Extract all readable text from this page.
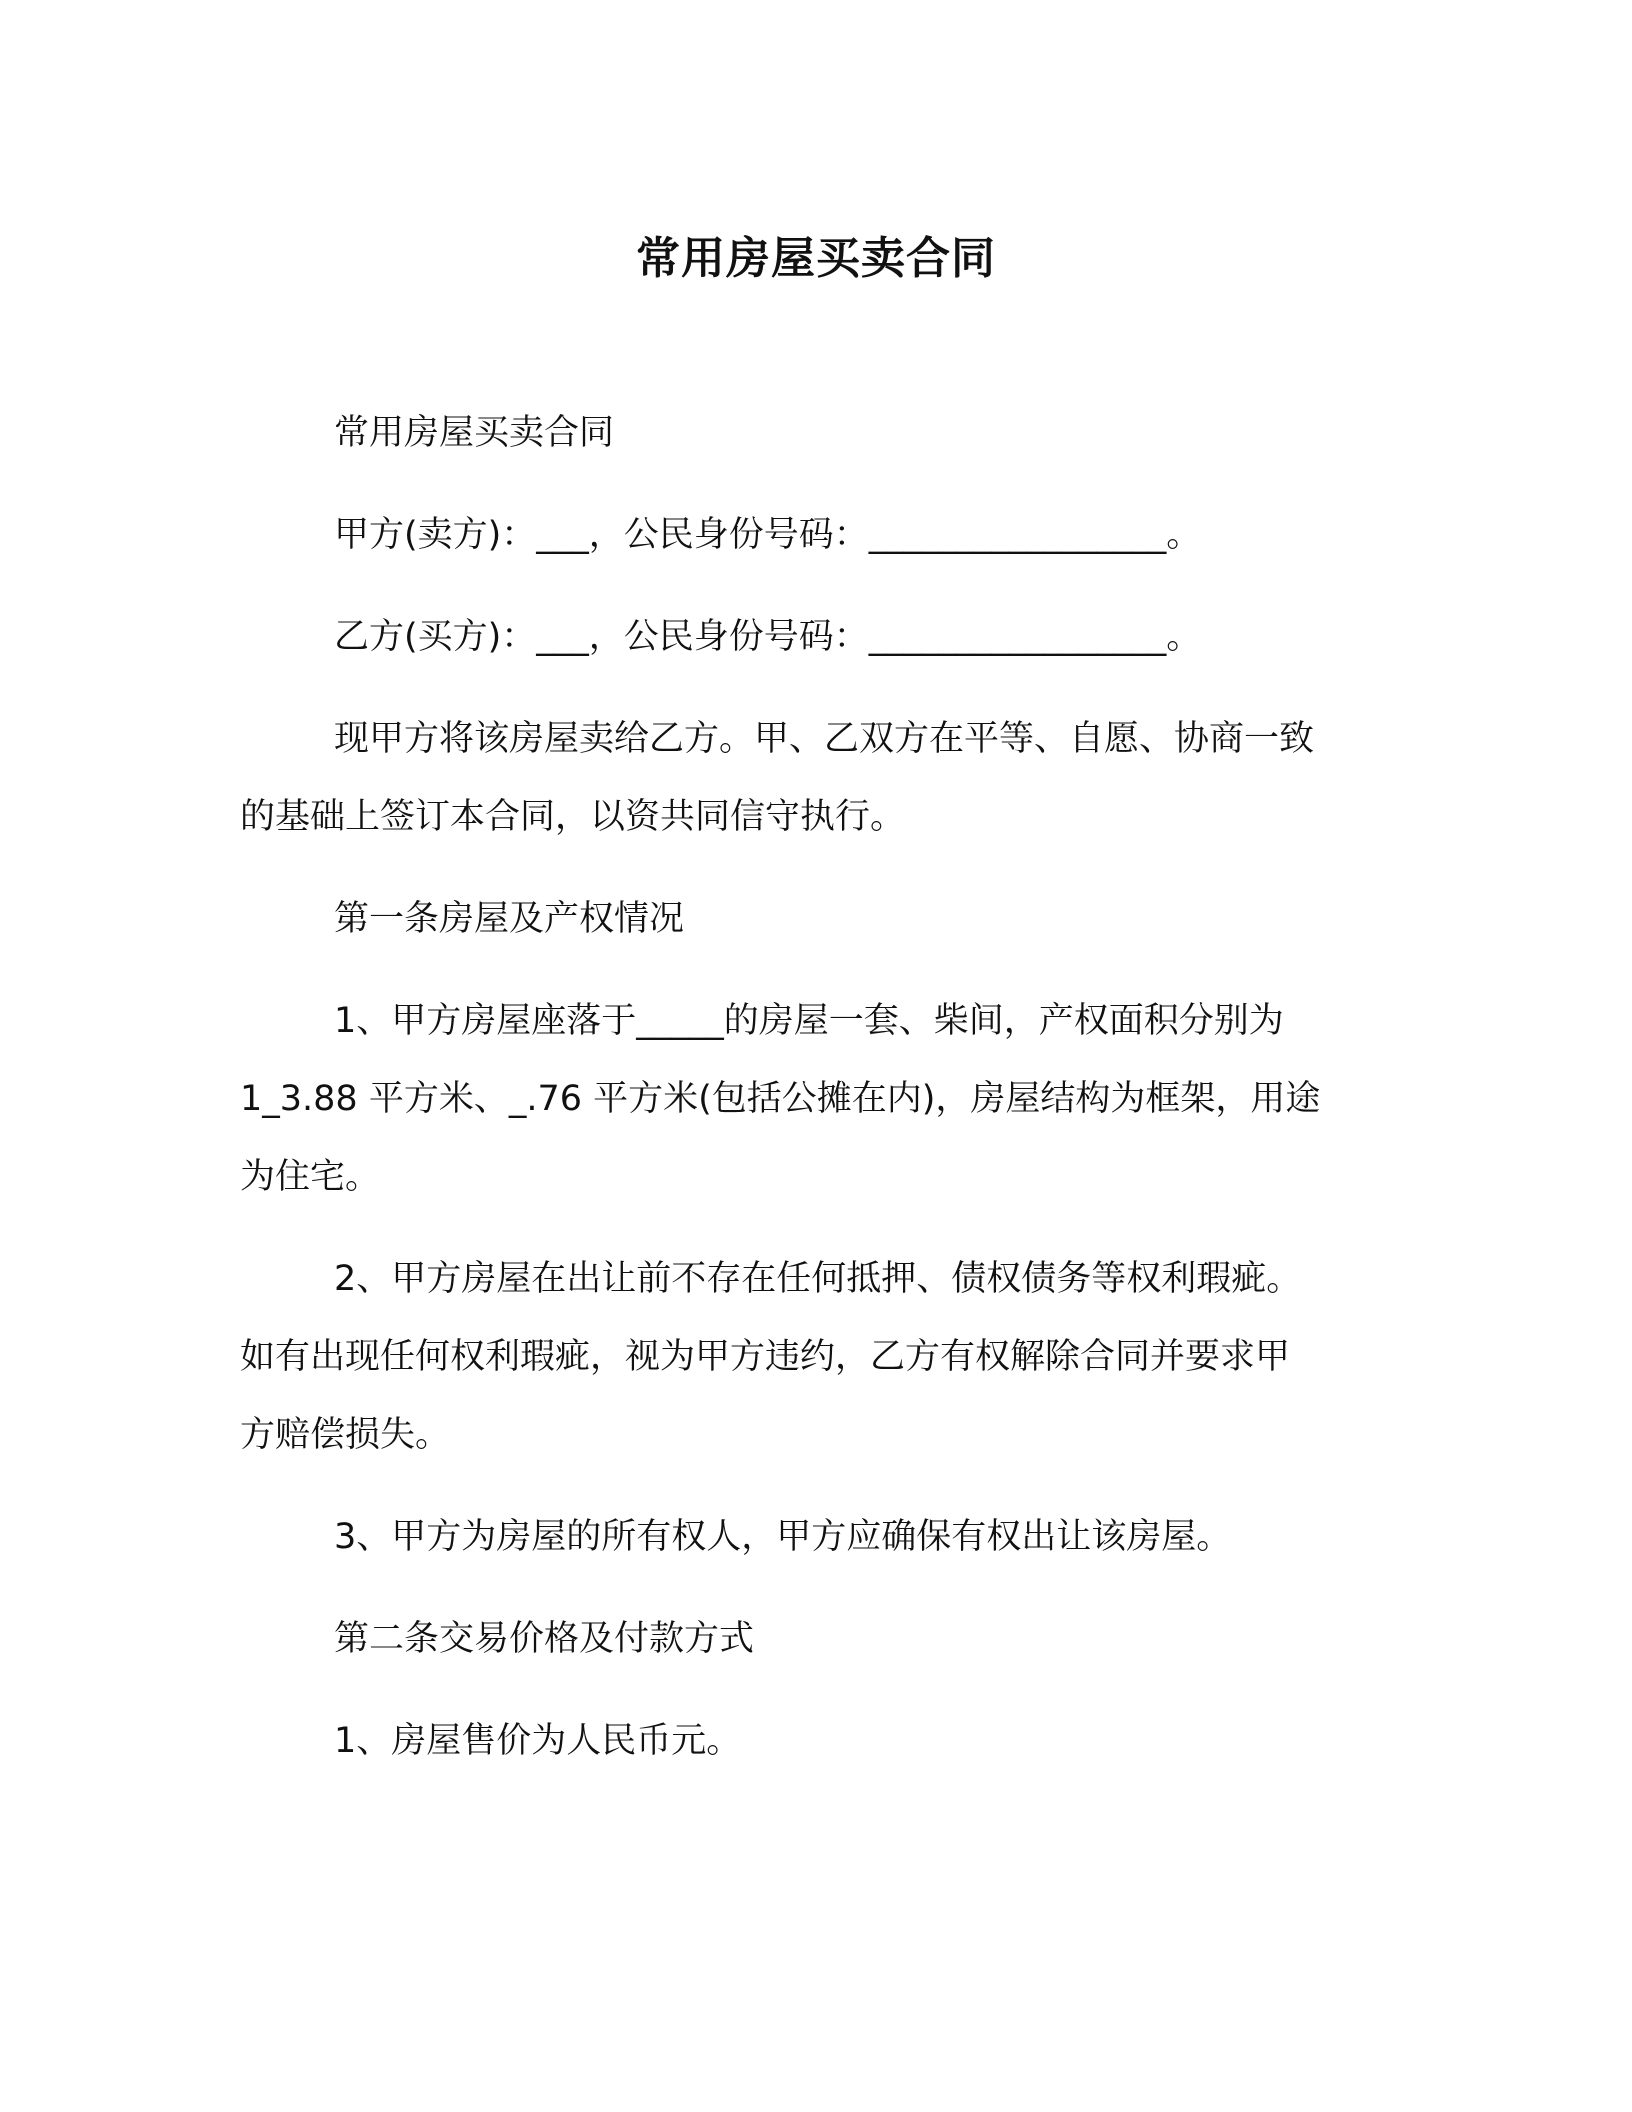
常用房屋买卖合同
常用房屋买卖合同
甲方(卖方)：___，公民身份号码：_________________。
乙方(买方)：___，公民身份号码：_________________。
现甲方将该房屋卖给乙方。甲、乙双方在平等、自愿、协商一致
的基础上签订本合同，以资共同信守执行。
第一条房屋及产权情况
1、甲方房屋座落于_____的房屋一套、柴间，产权面积分别为
1_3.88 平方米、_.76 平方米(包括公摊在内)，房屋结构为框架，用途
为住宅。
2、甲方房屋在出让前不存在任何抵押、债权债务等权利瑕疵。
如有出现任何权利瑕疵，视为甲方违约，乙方有权解除合同并要求甲
方赔偿损失。
3、甲方为房屋的所有权人，甲方应确保有权出让该房屋。
第二条交易价格及付款方式
1、房屋售价为人民币元。
